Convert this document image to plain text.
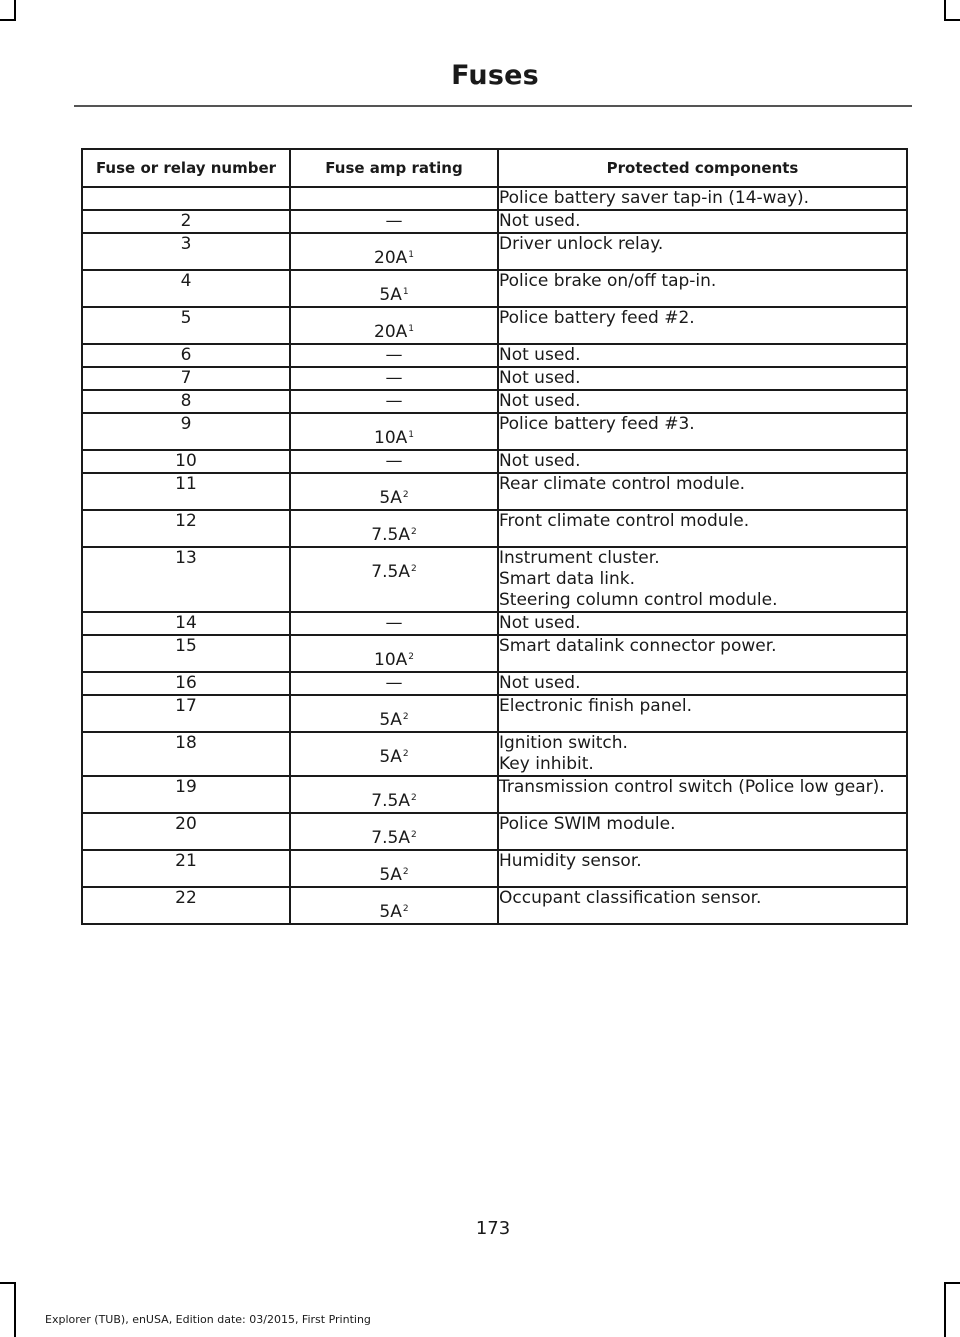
Fuses
Fuse or relay number	Fuse amp rating	Protected components

		Police battery saver tap-in (14-way).

2	—	Not used.

3	$20A^1$	Driver unlock relay.

4	$5A^1$	Police brake on/off tap-in.

5	$20A^1$	Police battery feed #2.

6	—	Not used.

7	—	Not used.

8	—	Not used.

9	$10A^1$	Police battery feed #3.

10	—	Not used.

11	$5A^2$	Rear climate control module.

12	$7.5A^2$	Front climate control module.

13	$7.5A^2$	Instrument cluster.
Smart data link.
Steering column control module.

14	—	Not used.

15	$10A^2$	Smart datalink connector power.

16	—	Not used.

17	$5A^2$	Electronic finish panel.

18	$5A^2$	Ignition switch.
Key inhibit.

19	$7.5A^2$	Transmission control switch (Police low gear).

20	$7.5A^2$	Police SWIM module.

21	$5A^2$	Humidity sensor.

22	$5A^2$	Occupant classification sensor.
173
Explorer (TUB), enUSA, Edition date: 03/2015, First Printing
